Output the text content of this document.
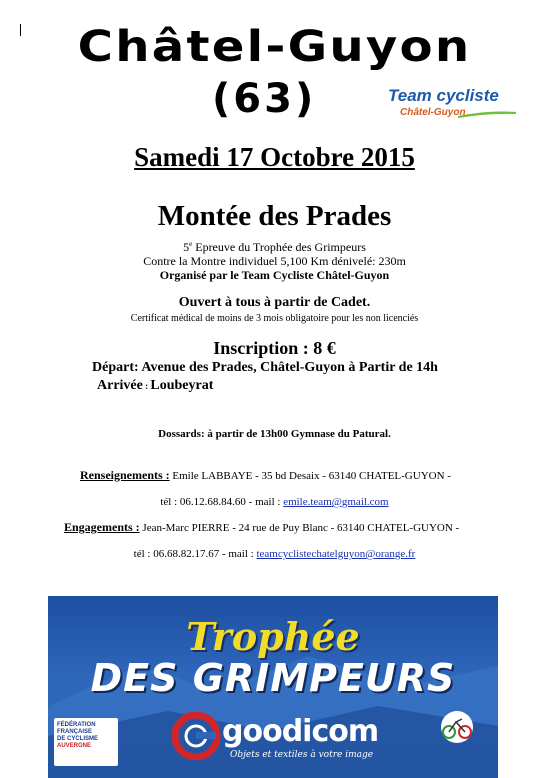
Châtel-Guyon
(63)	Team cycliste
Châtel-Guyon
Samedi 17 Octobre 2015
Montée des Prades
5e Epreuve du Trophée des Grimpeurs
Contre la Montre individuel 5,100 Km dénivelé: 230m
Organisé par le Team Cycliste Châtel-Guyon
Ouvert à tous à partir de Cadet.
Certificat médical de moins de 3 mois obligatoire pour les non licenciés
Inscription : 8 €
Départ: Avenue des Prades, Châtel-Guyon à Partir de 14h
Arrivée : Loubeyrat
Dossards: à partir de 13h00 Gymnase du Patural.
Renseignements : Emile LABBAYE - 35 bd Desaix - 63140 CHATEL-GUYON -
tél : 06.12.68.84.60 - mail : emile.team@gmail.com
Engagements : Jean-Marc PIERRE - 24 rue de Puy Blanc - 63140 CHATEL-GUYON -
tél : 06.68.82.17.67 - mail : teamcyclistechatelguyon@orange.fr
Trophée
DES GRIMPEURS
FÉDÉRATION
FRANÇAISE
DE CYCLISME
AUVERGNE	goodicom
Objets et textiles à votre image
